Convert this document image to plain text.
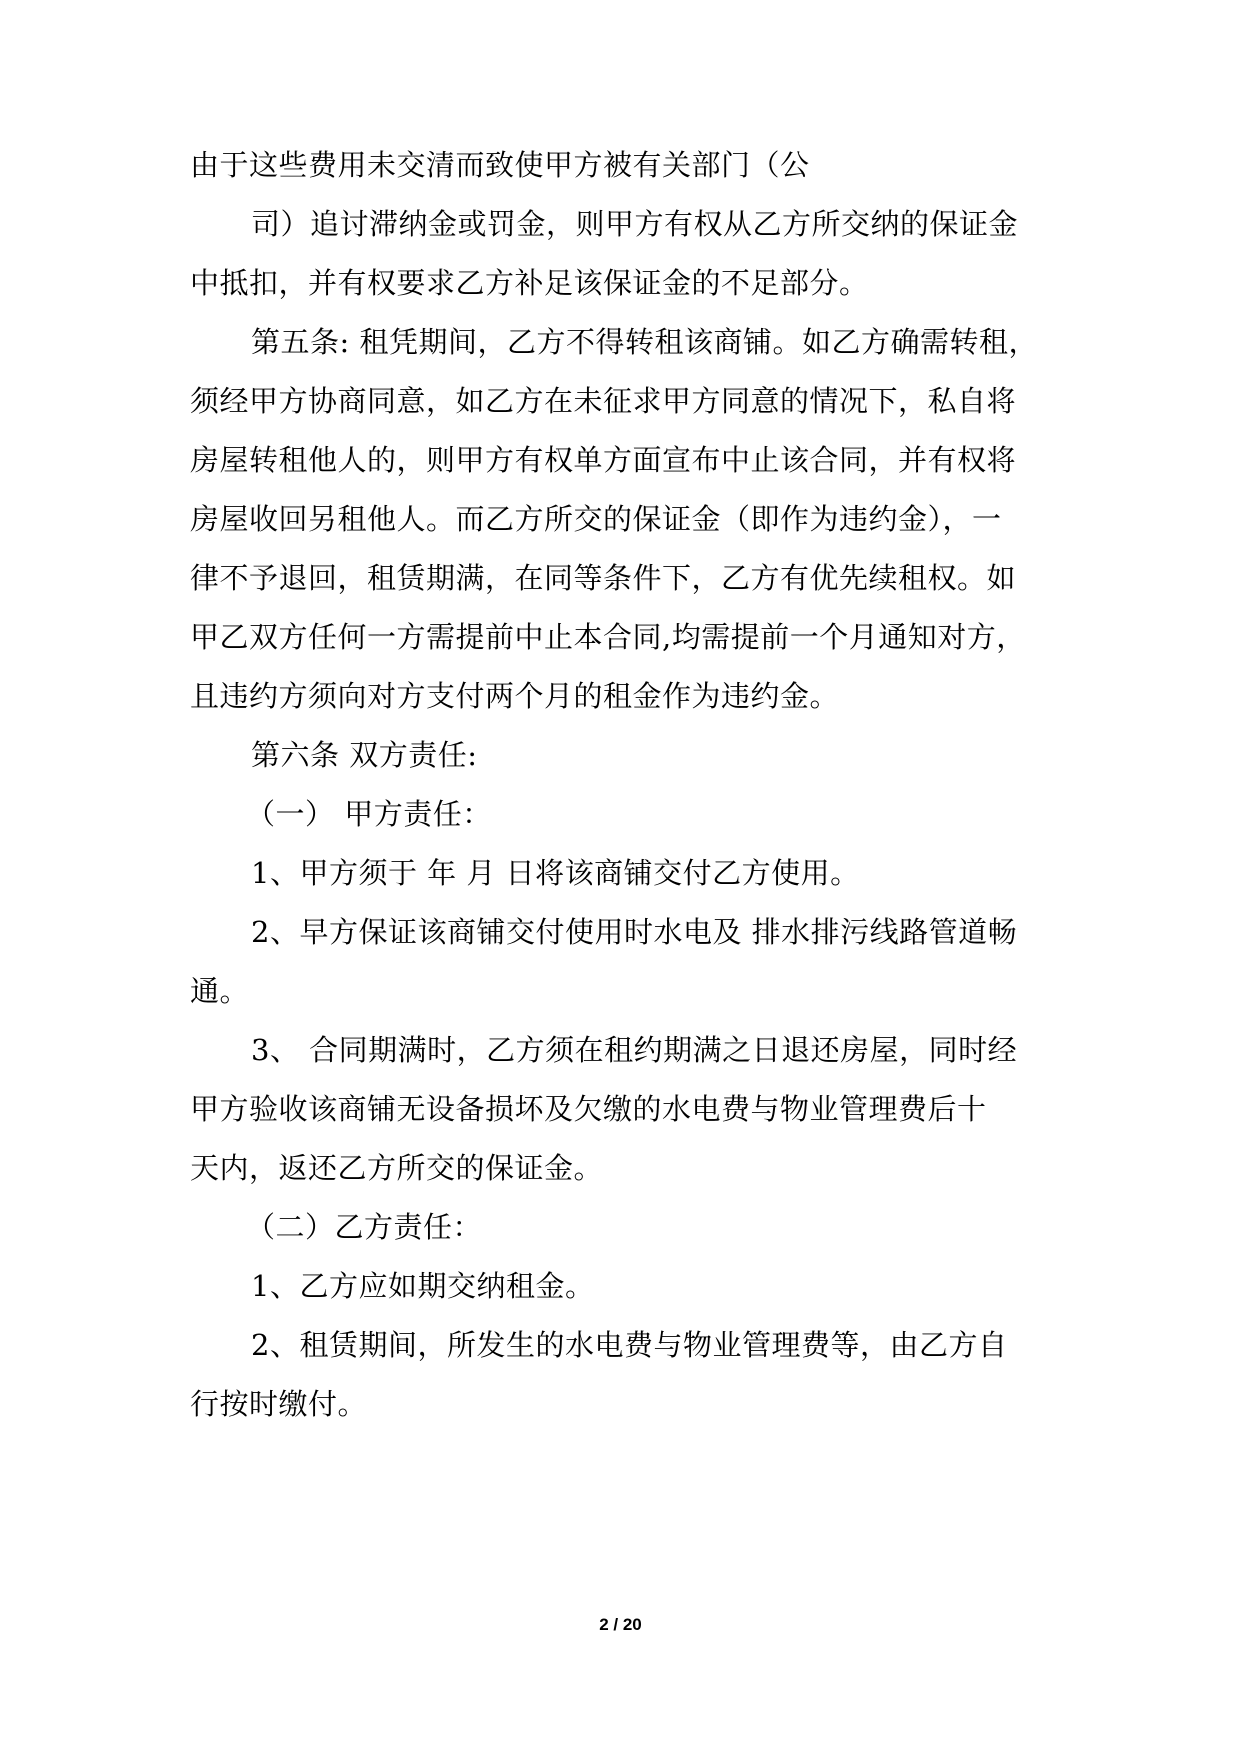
由于这些费用未交清而致使甲方被有关部门（公
司）追讨滞纳金或罚金，则甲方有权从乙方所交纳的保证金
中抵扣，并有权要求乙方补足该保证金的不足部分。
第五条: 租凭期间，乙方不得转租该商铺。如乙方确需转租，
须经甲方协商同意，如乙方在未征求甲方同意的情况下，私自将
房屋转租他人的，则甲方有权单方面宣布中止该合同，并有权将
房屋收回另租他人。而乙方所交的保证金（即作为违约金），一
律不予退回，租赁期满，在同等条件下，乙方有优先续租权。如
甲乙双方任何一方需提前中止本合同,均需提前一个月通知对方，
且违约方须向对方支付两个月的租金作为违约金。
第六条 双方责任:
（一） 甲方责任：
1、甲方须于 年 月 日将该商铺交付乙方使用。
2、早方保证该商铺交付使用时水电及 排水排污线路管道畅
通。
3、 合同期满时，乙方须在租约期满之日退还房屋，同时经
甲方验收该商铺无设备损坏及欠缴的水电费与物业管理费后十
天内，返还乙方所交的保证金。
（二）乙方责任：
1、乙方应如期交纳租金。
2、租赁期间，所发生的水电费与物业管理费等，由乙方自
行按时缴付。
2 / 20
